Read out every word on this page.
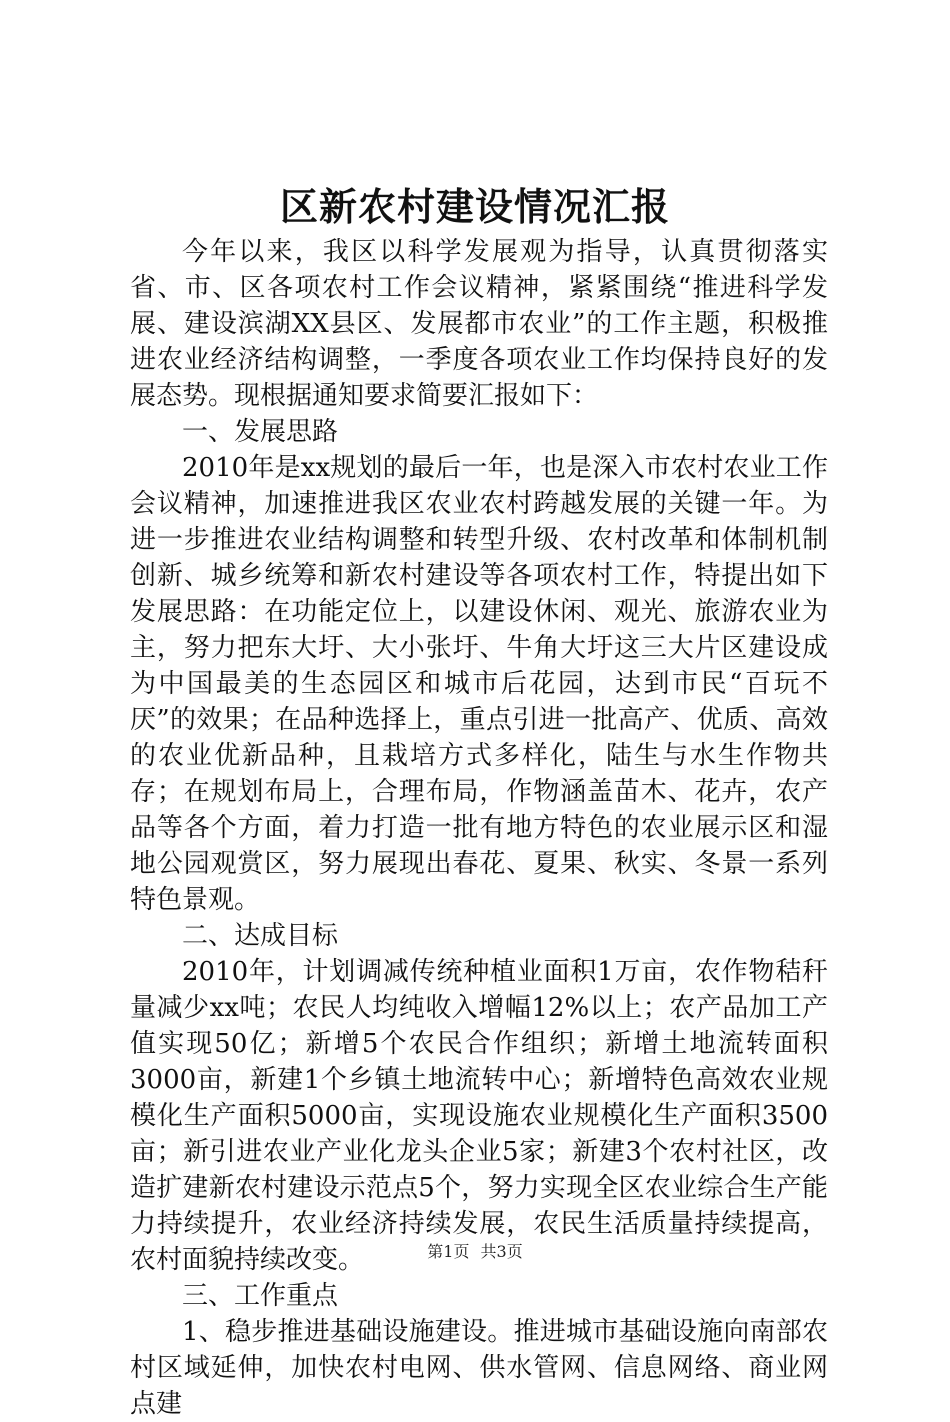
区新农村建设情况汇报

今年以来，我区以科学发展观为指导，认真贯彻落实省、市、区各项农村工作会议精神，紧紧围绕“推进科学发展、建设滨湖XX县区、发展都市农业”的工作主题，积极推进农业经济结构调整，一季度各项农业工作均保持良好的发展态势。现根据通知要求简要汇报如下：

一、发展思路

2010年是xx规划的最后一年，也是深入市农村农业工作会议精神，加速推进我区农业农村跨越发展的关键一年。为进一步推进农业结构调整和转型升级、农村改革和体制机制创新、城乡统筹和新农村建设等各项农村工作，特提出如下发展思路：在功能定位上，以建设休闲、观光、旅游农业为主，努力把东大圩、大小张圩、牛角大圩这三大片区建设成为中国最美的生态园区和城市后花园，达到市民“百玩不厌”的效果；在品种选择上，重点引进一批高产、优质、高效的农业优新品种，且栽培方式多样化，陆生与水生作物共存；在规划布局上，合理布局，作物涵盖苗木、花卉，农产品等各个方面，着力打造一批有地方特色的农业展示区和湿地公园观赏区，努力展现出春花、夏果、秋实、冬景一系列特色景观。

二、达成目标

2010年，计划调减传统种植业面积1万亩，农作物秸秆量减少xx吨；农民人均纯收入增幅12%以上；农产品加工产值实现50亿；新增5个农民合作组织；新增土地流转面积3000亩，新建1个乡镇土地流转中心；新增特色高效农业规模化生产面积5000亩，实现设施农业规模化生产面积3500亩；新引进农业产业化龙头企业5家；新建3个农村社区，改造扩建新农村建设示范点5个，努力实现全区农业综合生产能力持续提升，农业经济持续发展，农民生活质量持续提高，农村面貌持续改变。

三、工作重点

1、稳步推进基础设施建设。推进城市基础设施向南部农村区域延伸，加快农村电网、供水管网、信息网络、商业网点建

第1页 共3页
